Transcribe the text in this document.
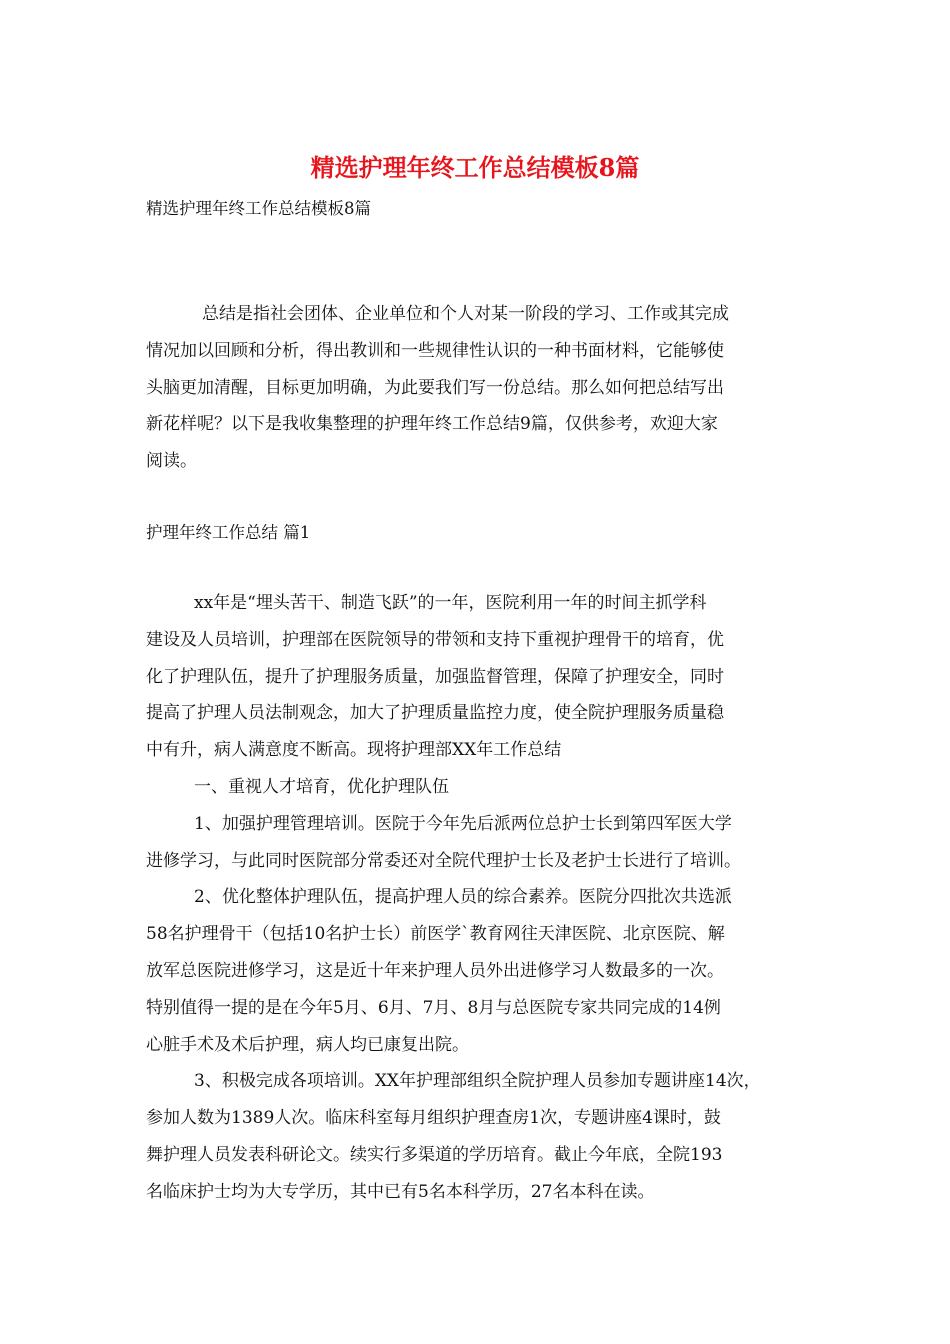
精选护理年终工作总结模板8篇
精选护理年终工作总结模板8篇
总结是指社会团体、企业单位和个人对某一阶段的学习、工作或其完成
情况加以回顾和分析，得出教训和一些规律性认识的一种书面材料，它能够使
头脑更加清醒，目标更加明确，为此要我们写一份总结。那么如何把总结写出
新花样呢？以下是我收集整理的护理年终工作总结9篇，仅供参考，欢迎大家
阅读。
护理年终工作总结 篇1
xx年是“埋头苦干、制造飞跃”的一年，医院利用一年的时间主抓学科
建设及人员培训，护理部在医院领导的带领和支持下重视护理骨干的培育，优
化了护理队伍，提升了护理服务质量，加强监督管理，保障了护理安全，同时
提高了护理人员法制观念，加大了护理质量监控力度，使全院护理服务质量稳
中有升，病人满意度不断高。现将护理部XX年工作总结
一、重视人才培育，优化护理队伍
1、加强护理管理培训。医院于今年先后派两位总护士长到第四军医大学
进修学习，与此同时医院部分常委还对全院代理护士长及老护士长进行了培训。
2、优化整体护理队伍，提高护理人员的综合素养。医院分四批次共选派
58名护理骨干（包括10名护士长）前医学`教育网往天津医院、北京医院、解
放军总医院进修学习，这是近十年来护理人员外出进修学习人数最多的一次。
特别值得一提的是在今年5月、6月、7月、8月与总医院专家共同完成的14例
心脏手术及术后护理，病人均已康复出院。
3、积极完成各项培训。XX年护理部组织全院护理人员参加专题讲座14次，
参加人数为1389人次。临床科室每月组织护理查房1次，专题讲座4课时，鼓
舞护理人员发表科研论文。续实行多渠道的学历培育。截止今年底，全院193
名临床护士均为大专学历，其中已有5名本科学历，27名本科在读。
